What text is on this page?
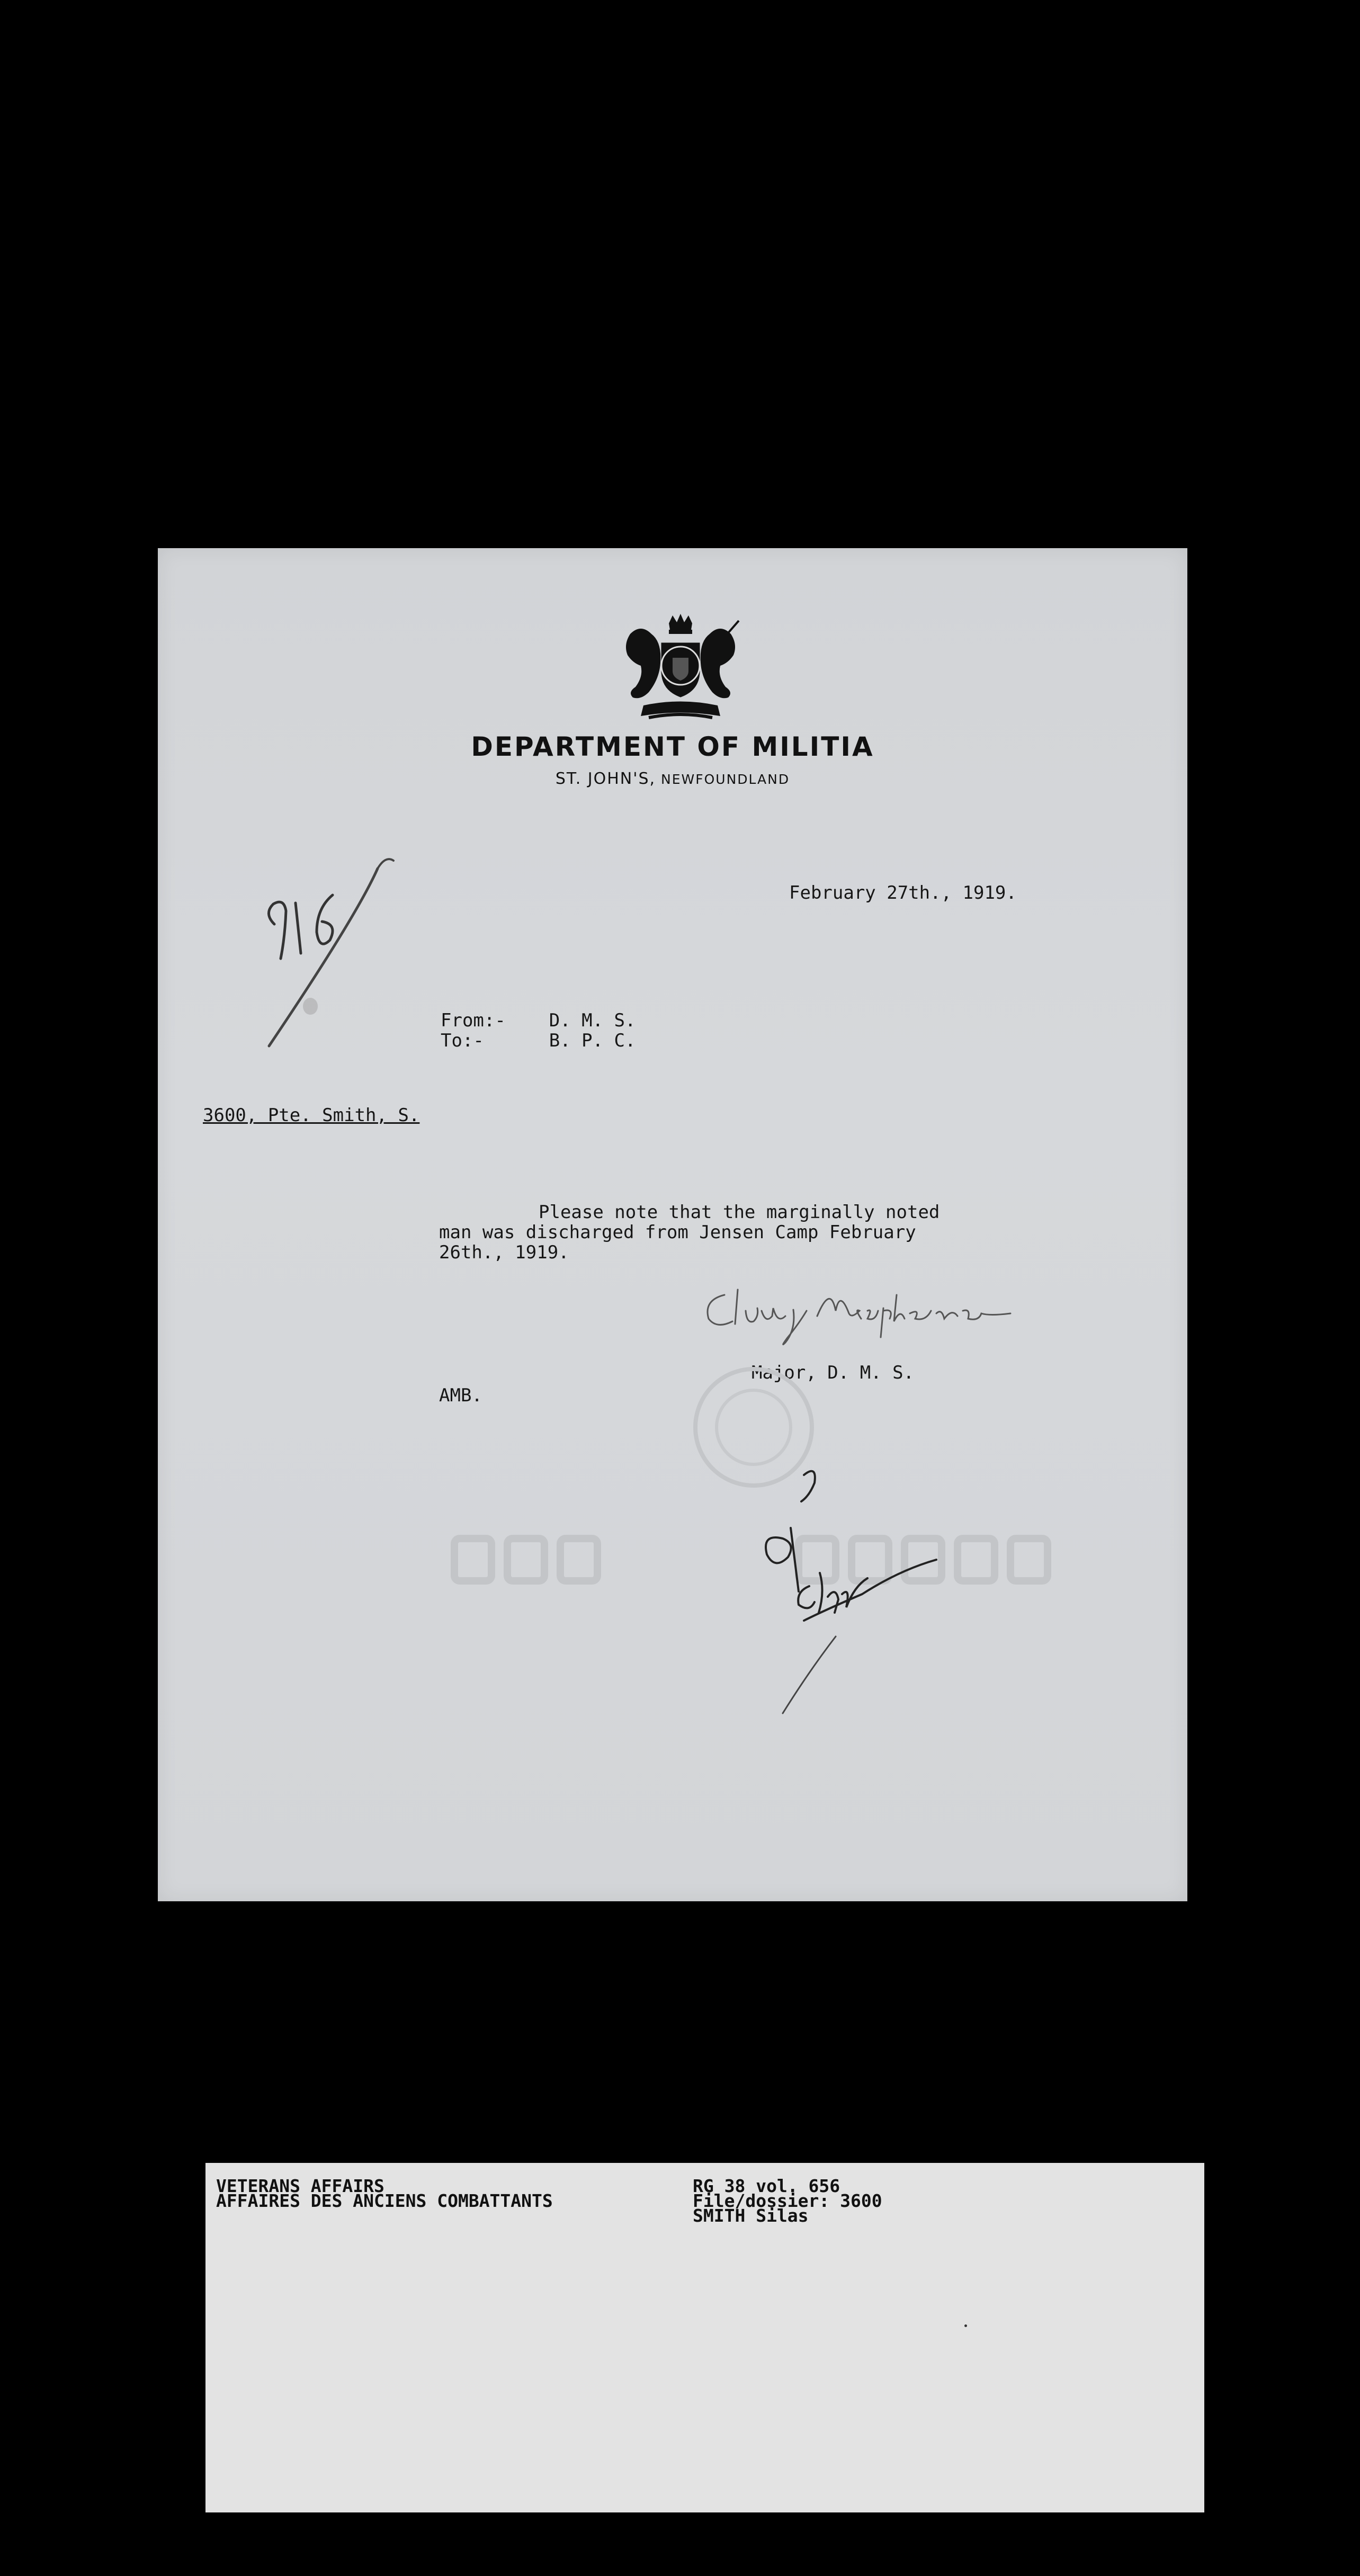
DEPARTMENT OF MILITIA
ST. JOHN'S, NEWFOUNDLAND
February 27th., 1919.
From:- D. M. S.
To:-	B. P. C.
3600, Pte. Smith, S.
Please note that the marginally noted
man was discharged from Jensen Camp February
26th., 1919.
Major, D. M. S.
AMB.
VETERANS AFFAIRS
AFFAIRES DES ANCIENS COMBATTANTS
RG 38 vol. 656
File/dossier: 3600
SMITH Silas
